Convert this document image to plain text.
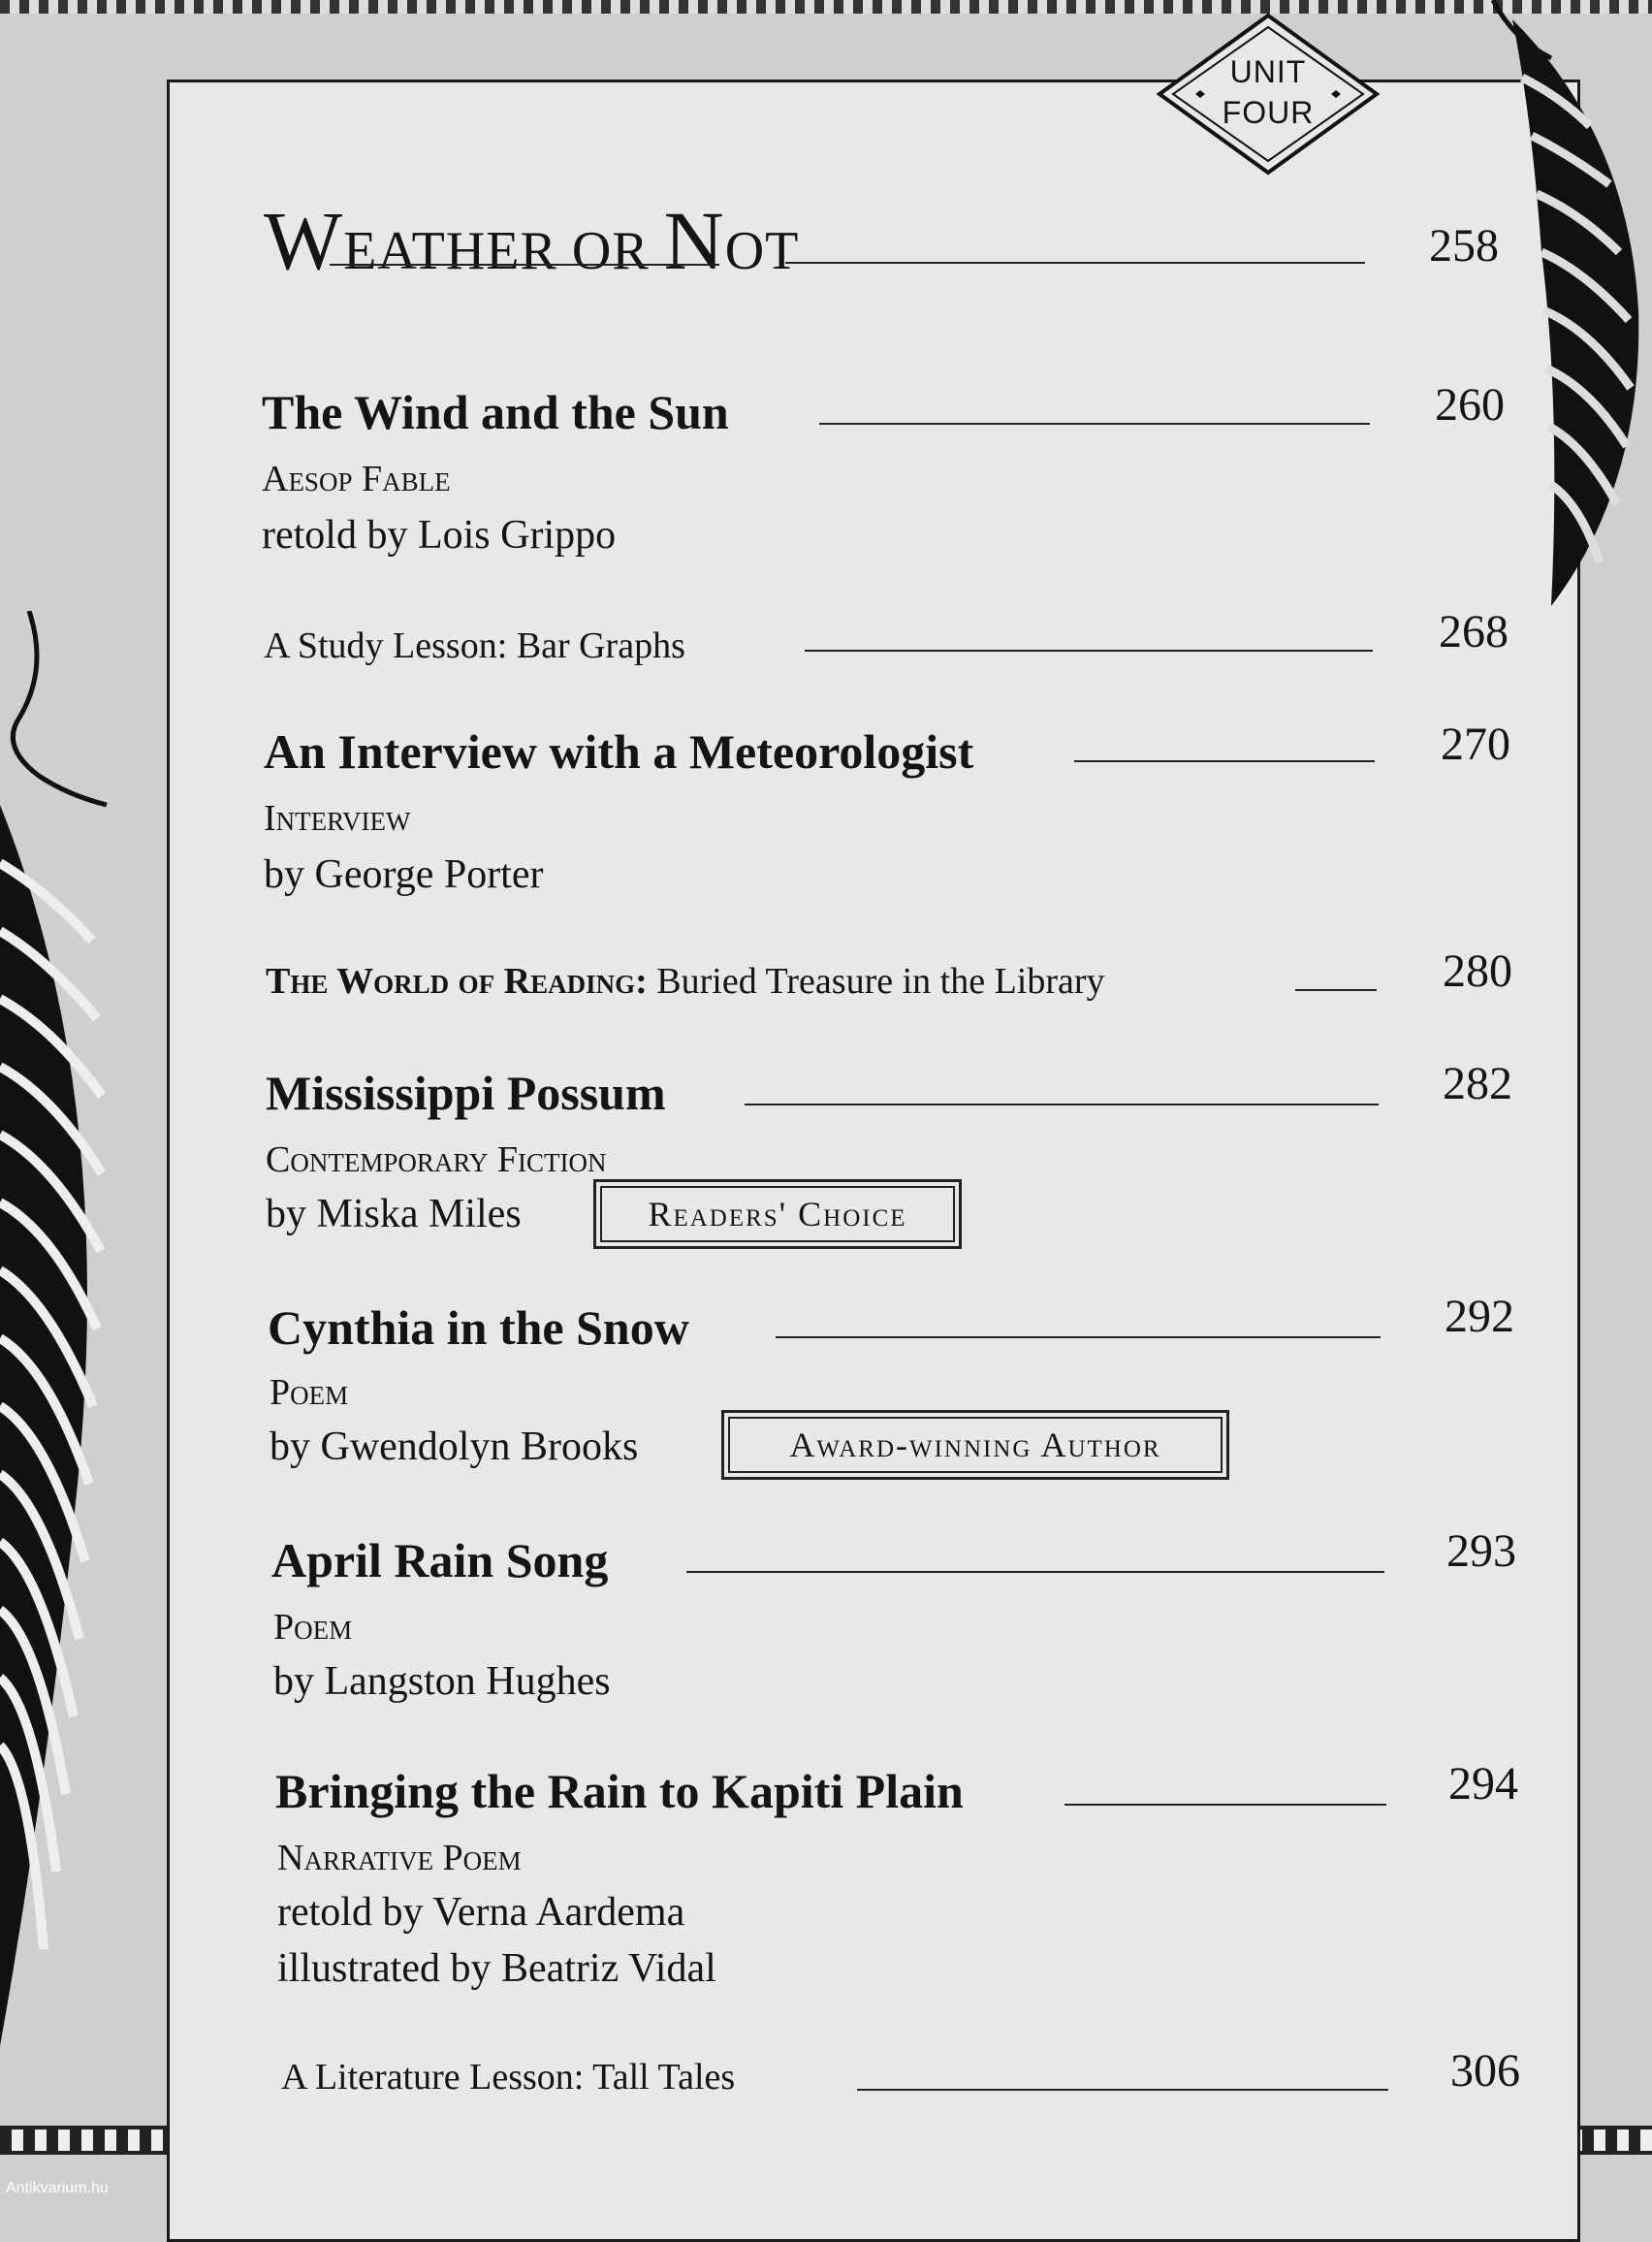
UNIT
FOUR
WEATHER OR NOT	258
The Wind and the Sun	260
Aesop Fable
retold by Lois Grippo
A Study Lesson: Bar Graphs	268
An Interview with a Meteorologist	270
Interview
by George Porter
The World of Reading: Buried Treasure in the Library	280
Mississippi Possum	282
Contemporary Fiction
by Miska Miles	Readers' Choice
Cynthia in the Snow	292
Poem
by Gwendolyn Brooks	Award-winning Author
April Rain Song	293
Poem
by Langston Hughes
Bringing the Rain to Kapiti Plain	294
Narrative Poem
retold by Verna Aardema
illustrated by Beatriz Vidal
A Literature Lesson: Tall Tales	306
Antikvarium.hu
